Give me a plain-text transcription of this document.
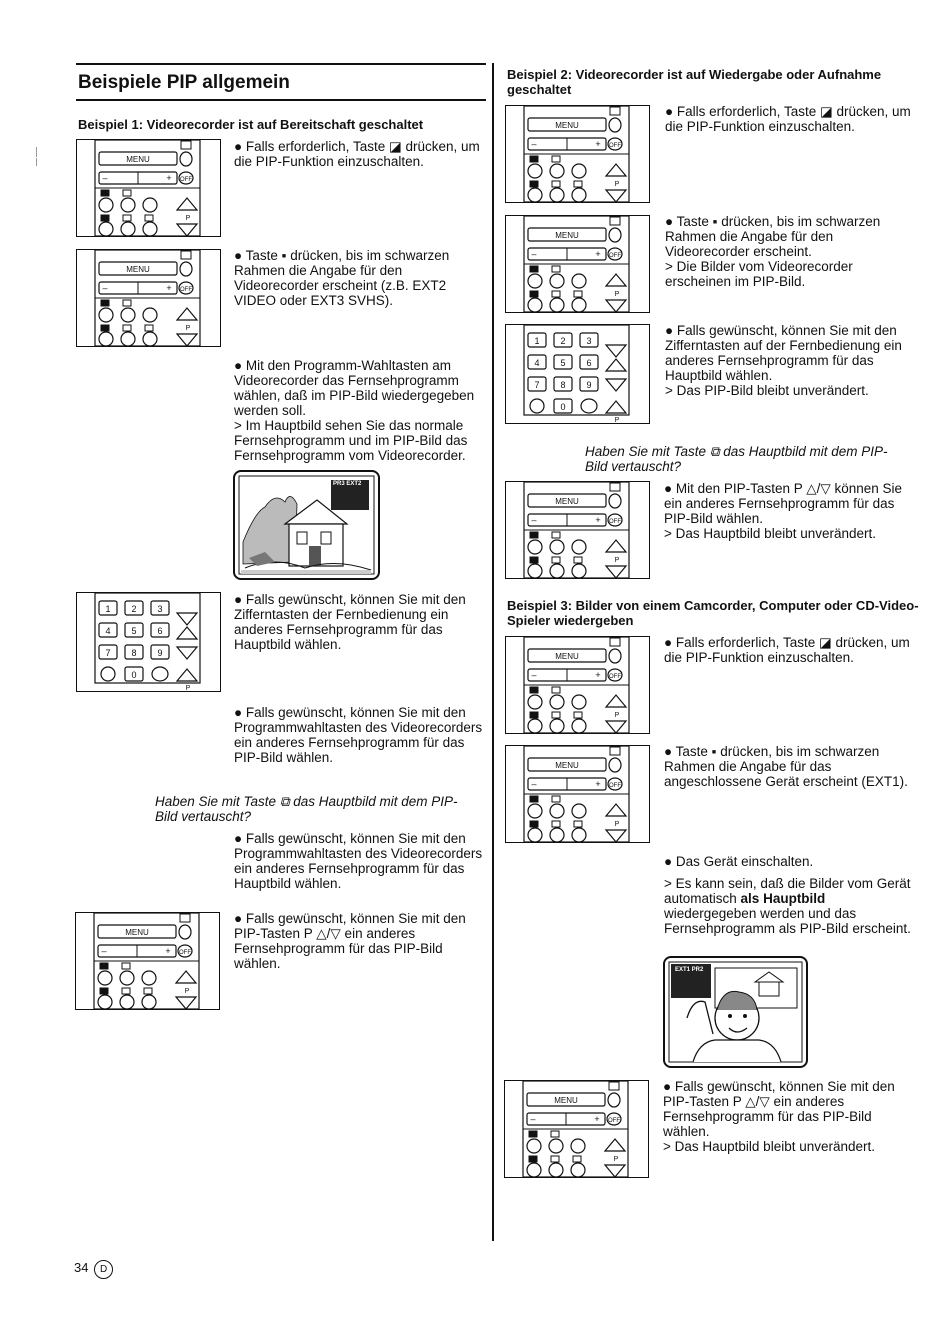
Beispiele PIP allgemein
Beispiel 1: Videorecorder ist auf Bereitschaft geschaltet
MENU
–	+ OFF
P
● Falls erforderlich, Taste ◪ drücken, um die PIP-Funktion einzuschalten.
MENU
–	+ OFF
P
● Taste ▪ drücken, bis im schwarzen Rahmen die Angabe für den Videorecorder erscheint (z.B. EXT2 VIDEO oder EXT3 SVHS).

● Mit den Programm-Wahltasten am Videorecorder das Fernsehprogramm wählen, daß im PIP-Bild wiedergegeben werden soll.

> Im Hauptbild sehen Sie das normale Fernsehprogramm und im PIP-Bild das Fernsehprogramm vom Videorecorder.

PR3 EXT2
1 2 3
4 5 6
7 8 9
0
P
● Falls gewünscht, können Sie mit den Zifferntasten der Fernbedienung ein anderes Fernsehprogramm für das Hauptbild wählen.
● Falls gewünscht, können Sie mit den Programmwahltasten des Videorecorders ein anderes Fernsehprogramm für das PIP-Bild wählen.
Haben Sie mit Taste ⧉ das Hauptbild mit dem PIP-Bild vertauscht?
● Falls gewünscht, können Sie mit den Programmwahltasten des Videorecorders ein anderes Fernsehprogramm für das Hauptbild wählen.
MENU
–	+ OFF
P
● Falls gewünscht, können Sie mit den PIP-Tasten P △/▽ ein anderes Fernsehprogramm für das PIP-Bild wählen.
Beispiel 2: Videorecorder ist auf Wiedergabe oder Aufnahme geschaltet
MENU
–	+ OFF
P
● Falls erforderlich, Taste ◪ drücken, um die PIP-Funktion einzuschalten.
MENU
–	+ OFF
P

● Taste ▪ drücken, bis im schwarzen Rahmen die Angabe für den Videorecorder erscheint.

> Die Bilder vom Videorecorder erscheinen im PIP-Bild.

1 2 3
4 5 6
7 8 9
0
P

● Falls gewünscht, können Sie mit den Zifferntasten auf der Fernbedienung ein anderes Fernsehprogramm für das Hauptbild wählen.

> Das PIP-Bild bleibt unverändert.

Haben Sie mit Taste ⧉ das Hauptbild mit dem PIP-Bild vertauscht?
MENU
–	+ OFF
P

● Mit den PIP-Tasten P △/▽ können Sie ein anderes Fernsehprogramm für das PIP-Bild wählen.

> Das Hauptbild bleibt unverändert.

Beispiel 3: Bilder von einem Camcorder, Computer oder CD-Video-Spieler wiedergeben
MENU
–	+ OFF
P
● Falls erforderlich, Taste ◪ drücken, um die PIP-Funktion einzuschalten.
MENU
–	+ OFF
P
● Taste ▪ drücken, bis im schwarzen Rahmen die Angabe für das angeschlossene Gerät erscheint (EXT1).
● Das Gerät einschalten.
> Es kann sein, daß die Bilder vom Gerät automatisch als Hauptbild wiedergegeben werden und das Fernsehprogramm als PIP-Bild erscheint.
EXT1 PR2
MENU
–	+ OFF
P

● Falls gewünscht, können Sie mit den PIP-Tasten P △/▽ ein anderes Fernsehprogramm für das PIP-Bild wählen.

> Das Hauptbild bleibt unverändert.

34 D
